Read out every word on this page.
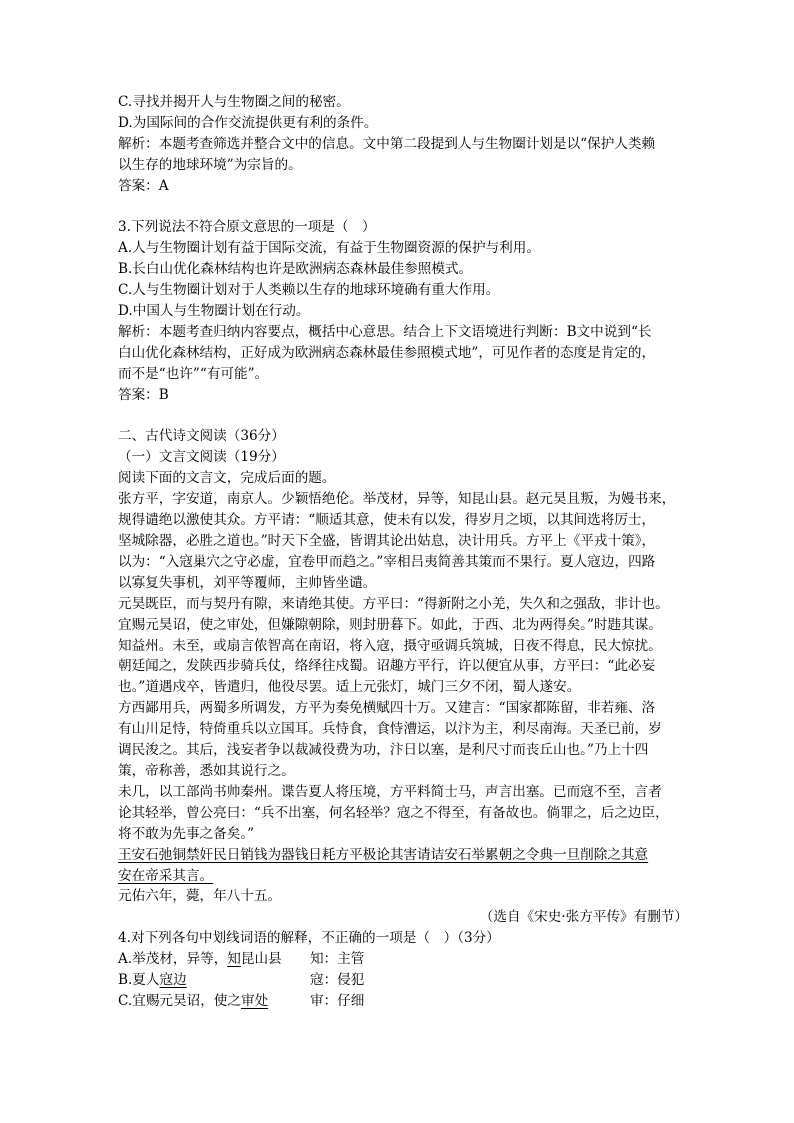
C.寻找并揭开人与生物圈之间的秘密。

D.为国际间的合作交流提供更有利的条件。

解析：本题考查筛选并整合文中的信息。文中第二段提到人与生物圈计划是以“保护人类赖

以生存的地球环境”为宗旨的。

答案：A

3.下列说法不符合原文意思的一项是（　）

A.人与生物圈计划有益于国际交流，有益于生物圈资源的保护与利用。

B.长白山优化森林结构也许是欧洲病态森林最佳参照模式。

C.人与生物圈计划对于人类赖以生存的地球环境确有重大作用。

D.中国人与生物圈计划在行动。

解析：本题考查归纳内容要点，概括中心意思。结合上下文语境进行判断：B文中说到“长

白山优化森林结构，正好成为欧洲病态森林最佳参照模式地”，可见作者的态度是肯定的，

而不是“也许”“有可能”。

答案：B

二、古代诗文阅读（36分）

（一）文言文阅读（19分）

阅读下面的文言文，完成后面的题。

张方平，字安道，南京人。少颖悟绝伦。举茂材，异等，知昆山县。赵元昊且叛，为嫚书来，

规得谴绝以激使其众。方平请：“顺适其意，使未有以发，得岁月之顷，以其间选将厉士，

坚城除器，必胜之道也。”时天下全盛，皆谓其论出姑息，决计用兵。方平上《平戎十策》，

以为：“入寇巢穴之守必虚，宜卷甲而趋之。”宰相吕夷简善其策而不果行。夏人寇边，四路

以寡复失事机，刘平等覆师，主帅皆坐谴。

元昊既臣，而与契丹有隙，来请绝其使。方平曰：“得新附之小羌，失久和之强敌，非计也。

宜赐元昊诏，使之审处，但嫌隙朝除，则封册暮下。如此，于西、北为两得矣。”时韪其谋。

知益州。未至，或扇言侬智高在南诏，将入寇，摄守亟调兵筑城，日夜不得息，民大惊扰。

朝廷闻之，发陕西步骑兵仗，络绎往戍蜀。诏趣方平行，许以便宜从事，方平曰：“此必妄

也。”道遇戍卒，皆遣归，他役尽罢。适上元张灯，城门三夕不闭，蜀人遂安。

方西鄙用兵，两蜀多所调发，方平为奏免横赋四十万。又建言：“国家都陈留，非若雍、洛

有山川足恃，特倚重兵以立国耳。兵恃食，食恃漕运，以汴为主，利尽南海。天圣已前，岁

调民浚之。其后，浅妄者争以裁减役费为功，汴日以塞，是利尺寸而丧丘山也。”乃上十四

策，帝称善，悉如其说行之。

未几，以工部尚书帅秦州。谍告夏人将压境，方平料简士马，声言出塞。已而寇不至，言者

论其轻举，曾公亮曰：“兵不出塞，何名轻举？寇之不得至，有备故也。倘罪之，后之边臣，

将不敢为先事之备矣。”

王安石弛铜禁奸民日销钱为器钱日耗方平极论其害请诘安石举累朝之令典一旦削除之其意

安在帝采其言。

元佑六年，薨，年八十五。

（选自《宋史·张方平传》有删节）

4.对下列各句中划线词语的解释，不正确的一项是（　）（3分）

A.举茂材，异等，知昆山县	知：主管
B.夏人寇边	寇：侵犯
C.宜赐元昊诏，使之审处	审：仔细
